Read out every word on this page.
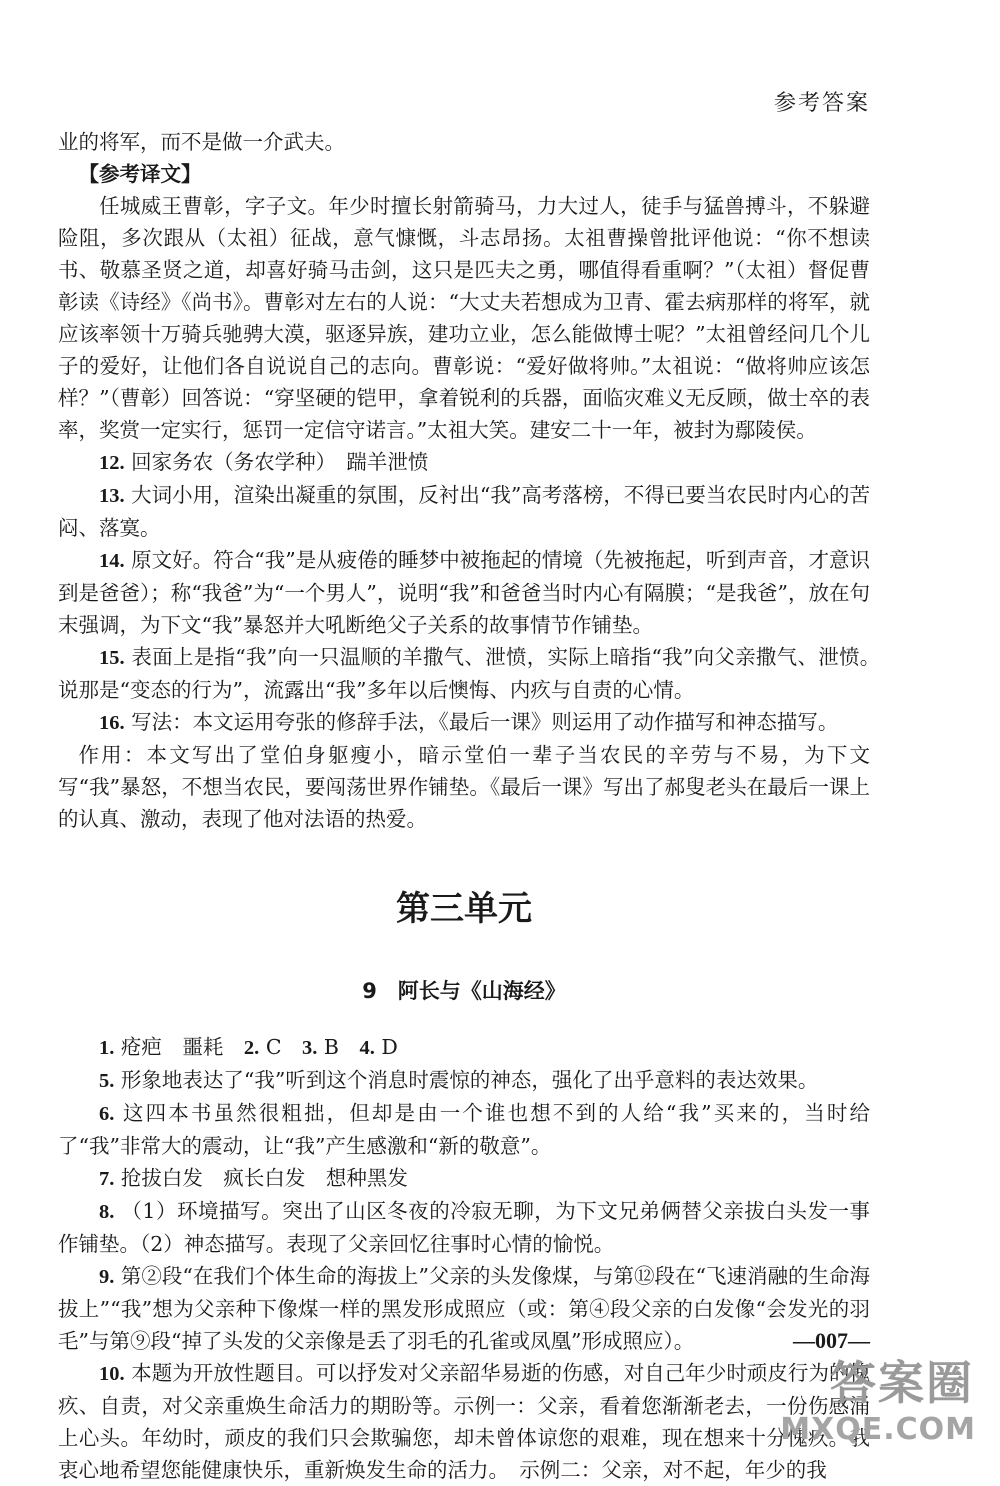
参考答案

业的将军，而不是做一介武夫。

【参考译文】

任城威王曹彰，字子文。年少时擅长射箭骑马，力大过人，徒手与猛兽搏斗，不躲避险阻，多次跟从（太祖）征战，意气慷慨，斗志昂扬。太祖曹操曾批评他说：“你不想读书、敬慕圣贤之道，却喜好骑马击剑，这只是匹夫之勇，哪值得看重啊？”（太祖）督促曹彰读《诗经》《尚书》。曹彰对左右的人说：“大丈夫若想成为卫青、霍去病那样的将军，就应该率领十万骑兵驰骋大漠，驱逐异族，建功立业，怎么能做博士呢？”太祖曾经问几个儿子的爱好，让他们各自说说自己的志向。曹彰说：“爱好做将帅。”太祖说：“做将帅应该怎样？”（曹彰）回答说：“穿坚硬的铠甲，拿着锐利的兵器，面临灾难义无反顾，做士卒的表率，奖赏一定实行，惩罚一定信守诺言。”太祖大笑。建安二十一年，被封为鄢陵侯。

12. 回家务农（务农学种）　踹羊泄愤

13. 大词小用，渲染出凝重的氛围，反衬出“我”高考落榜，不得已要当农民时内心的苦闷、落寞。

14. 原文好。符合“我”是从疲倦的睡梦中被拖起的情境（先被拖起，听到声音，才意识到是爸爸）；称“我爸”为“一个男人”，说明“我”和爸爸当时内心有隔膜；“是我爸”，放在句末强调，为下文“我”暴怒并大吼断绝父子关系的故事情节作铺垫。

15. 表面上是指“我”向一只温顺的羊撒气、泄愤，实际上暗指“我”向父亲撒气、泄愤。　说那是“变态的行为”，流露出“我”多年以后懊悔、内疚与自责的心情。

16. 写法：本文运用夸张的修辞手法，《最后一课》则运用了动作描写和神态描写。

作用：本文写出了堂伯身躯瘦小，暗示堂伯一辈子当农民的辛劳与不易，为下文写“我”暴怒，不想当农民，要闯荡世界作铺垫。《最后一课》写出了郝叟老头在最后一课上的认真、激动，表现了他对法语的热爱。

第三单元

9　阿长与《山海经》

1. 疮疤　噩耗　 2. C　 3. B　 4. D

5. 形象地表达了“我”听到这个消息时震惊的神态，强化了出乎意料的表达效果。

6. 这四本书虽然很粗拙，但却是由一个谁也想不到的人给“我”买来的，当时给了“我”非常大的震动，让“我”产生感激和“新的敬意”。

7. 抢拔白发　疯长白发　想种黑发

8. （1）环境描写。突出了山区冬夜的冷寂无聊，为下文兄弟俩替父亲拔白头发一事作铺垫。（2）神态描写。表现了父亲回忆往事时心情的愉悦。

9. 第②段“在我们个体生命的海拔上”父亲的头发像煤，与第⑫段在“飞速消融的生命海拔上”“我”想为父亲种下像煤一样的黑发形成照应（或：第④段父亲的白发像“会发光的羽毛”与第⑨段“掉了头发的父亲像是丢了羽毛的孔雀或凤凰”形成照应）。

10. 本题为开放性题目。可以抒发对父亲韶华易逝的伤感，对自己年少时顽皮行为的愧疚、自责，对父亲重焕生命活力的期盼等。示例一：父亲，看着您渐渐老去，一份伤感涌上心头。年幼时，顽皮的我们只会欺骗您，却未曾体谅您的艰难，现在想来十分愧疚。我衷心地希望您能健康快乐，重新焕发生命的活力。　示例二：父亲，对不起，年少的我

—007—
答案圈
MXQE.COM
